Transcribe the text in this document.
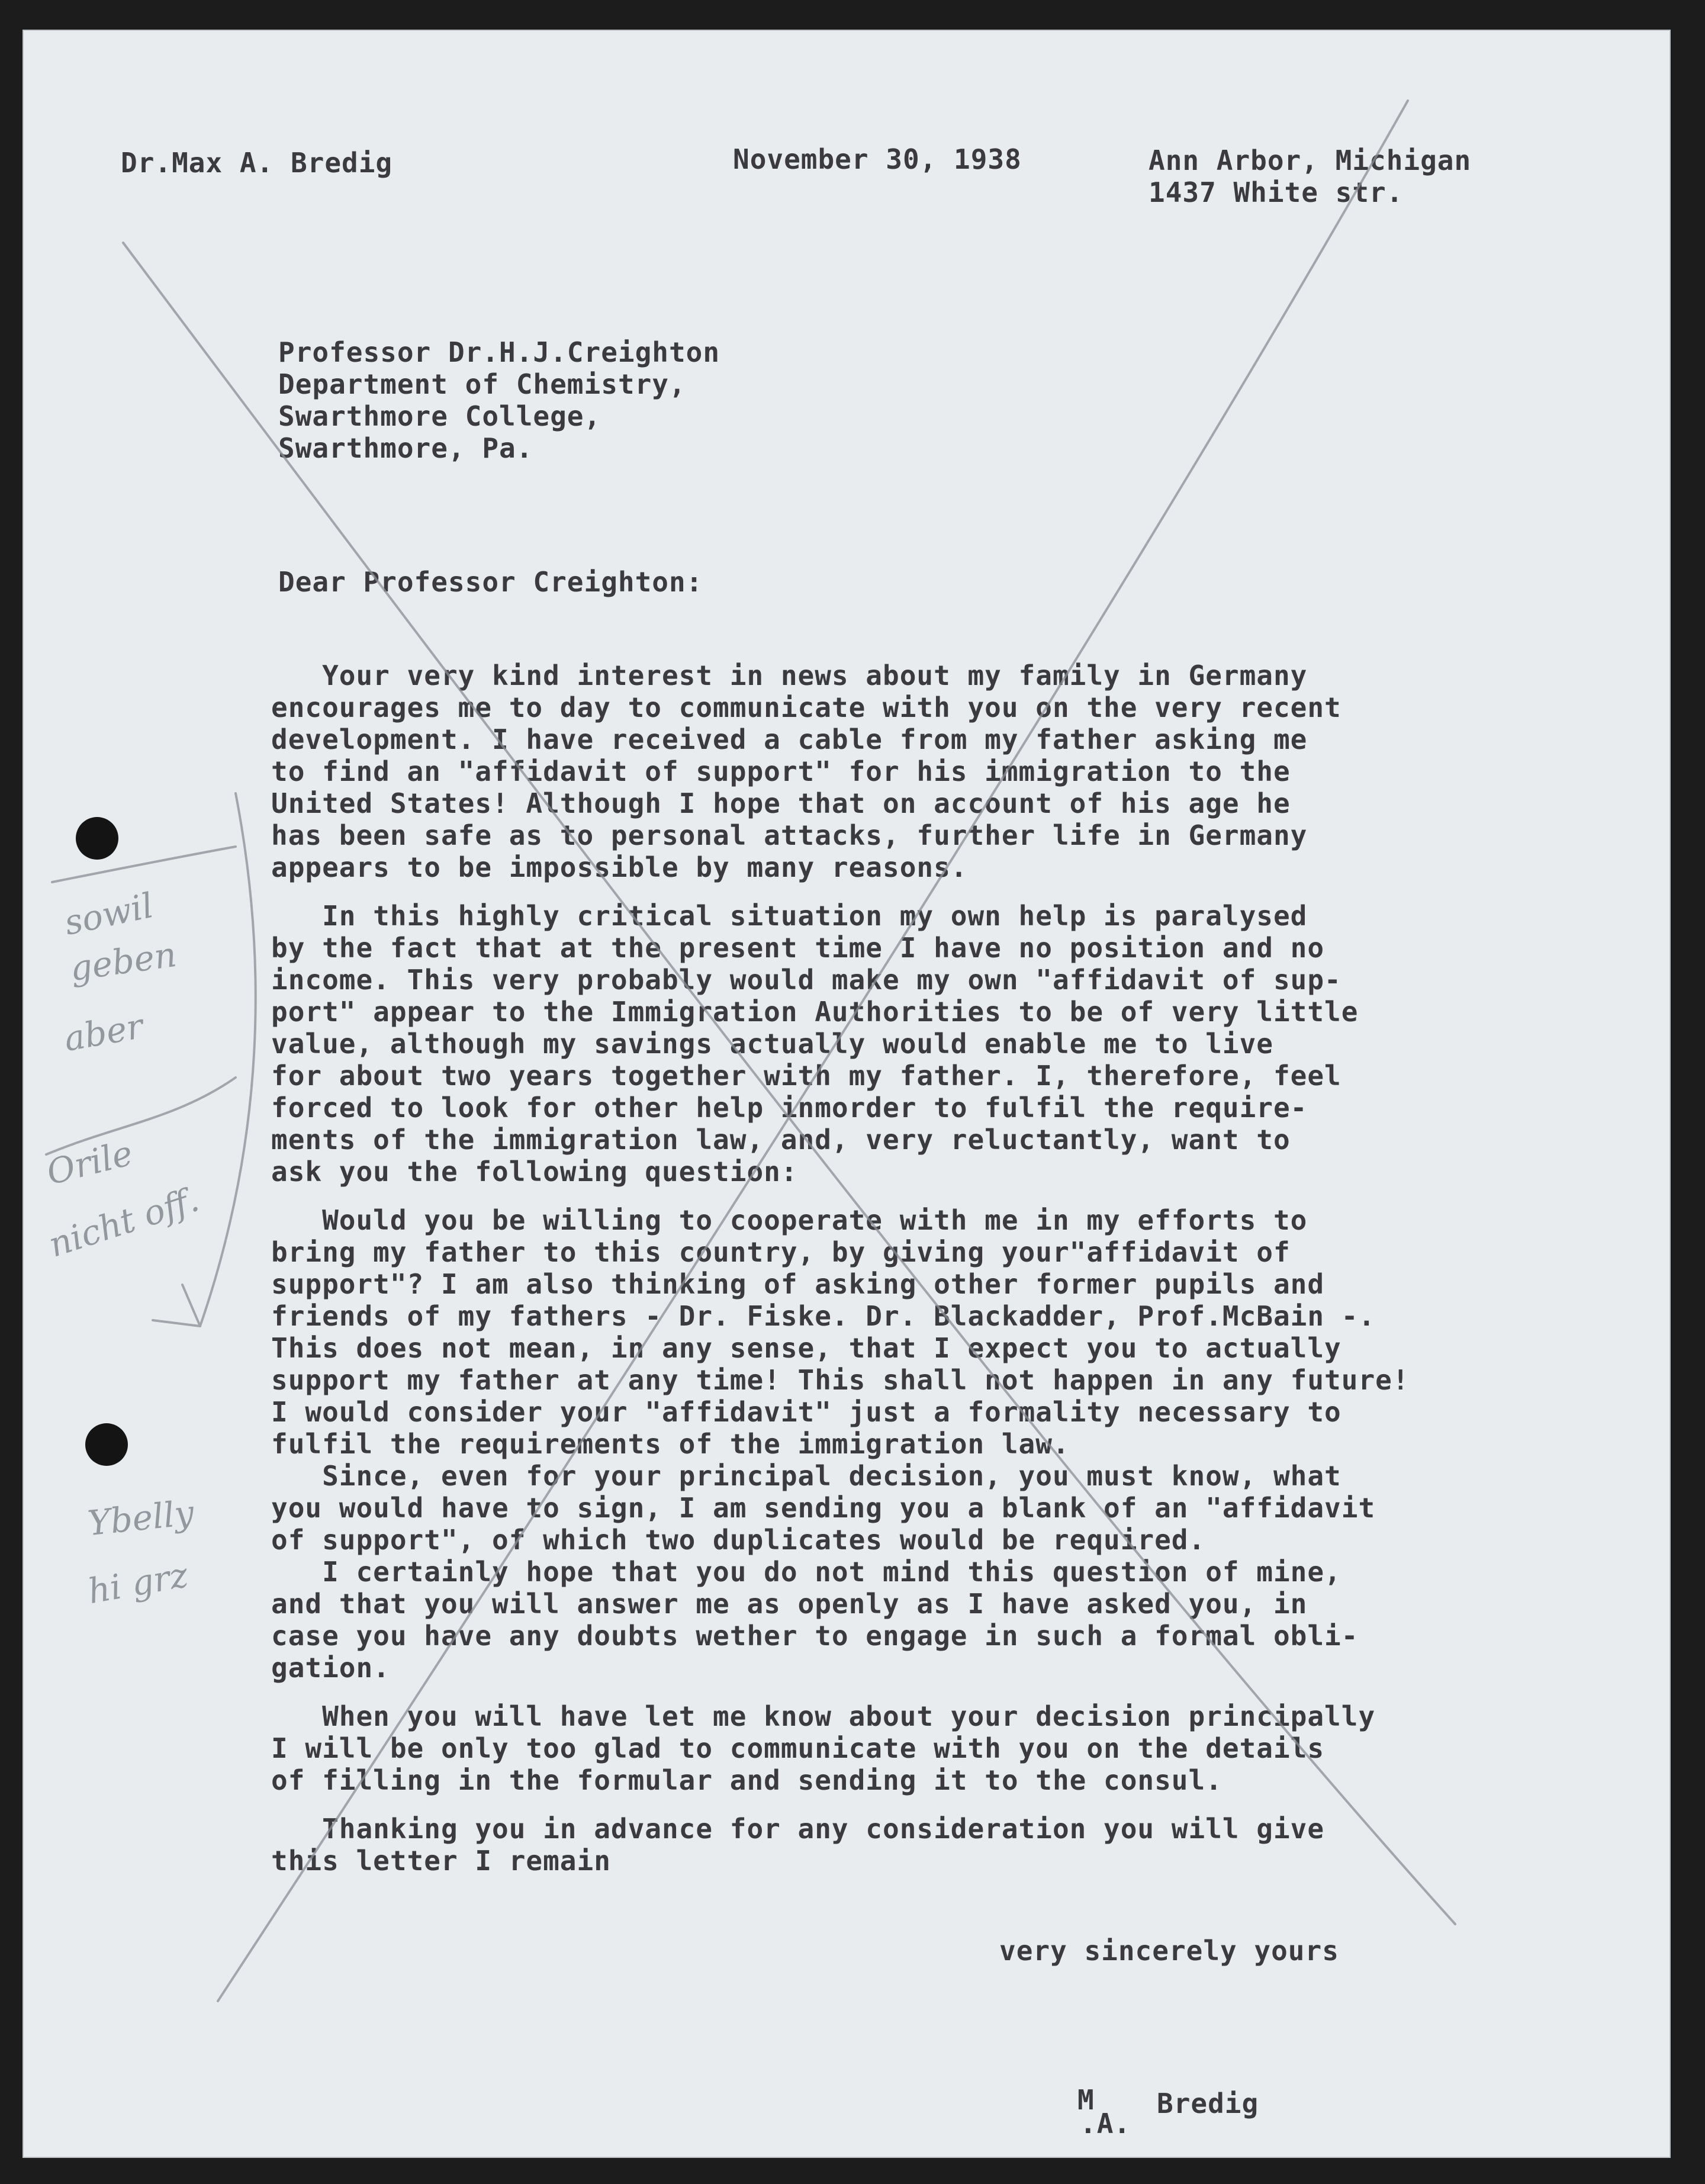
Dr.Max A. Bredig	November 30, 1938	Ann Arbor, Michigan
1437 White str.
Professor Dr.H.J.Creighton
Department of Chemistry,
Swarthmore College,
Swarthmore, Pa.
Dear Professor Creighton:
Your very kind interest in news about my family in Germany
encourages me to day to communicate with you on the very recent
development. I have received a cable from my father asking me
to find an "affidavit of support" for his immigration to the
United States! Although I hope that on account of his age he
has been safe as to personal attacks, further life in Germany
appears to be impossible by many reasons.
In this highly critical situation my own help is paralysed
by the fact that at the present time I have no position and no
income. This very probably would make my own "affidavit of sup-
port" appear to the Immigration Authorities to be of very little
value, although my savings actually would enable me to live
for about two years together with my father. I, therefore, feel
forced to look for other help inmorder to fulfil the require-
ments of the immigration law, and, very reluctantly, want to
ask you the following question:
Would you be willing to cooperate with me in my efforts to
bring my father to this country, by giving your"affidavit of
support"? I am also thinking of asking other former pupils and
friends of my fathers - Dr. Fiske. Dr. Blackadder, Prof.McBain -.
This does not mean, in any sense, that I expect you to actually
support my father at any time! This shall not happen in any future!
I would consider your "affidavit" just a formality necessary to
fulfil the requirements of the immigration law.
Since, even for your principal decision, you must know, what
you would have to sign, I am sending you a blank of an "affidavit
of support", of which two duplicates would be required.
I certainly hope that you do not mind this question of mine,
and that you will answer me as openly as I have asked you, in
case you have any doubts wether to engage in such a formal obli-
gation.
When you will have let me know about your decision principally
I will be only too glad to communicate with you on the details
of filling in the formular and sending it to the consul.
Thanking you in advance for any consideration you will give
this letter I remain
very sincerely yours
M
.A.
Bredig
sowil
geben
aber
Orile
nicht off.
Ybelly
hi grz
